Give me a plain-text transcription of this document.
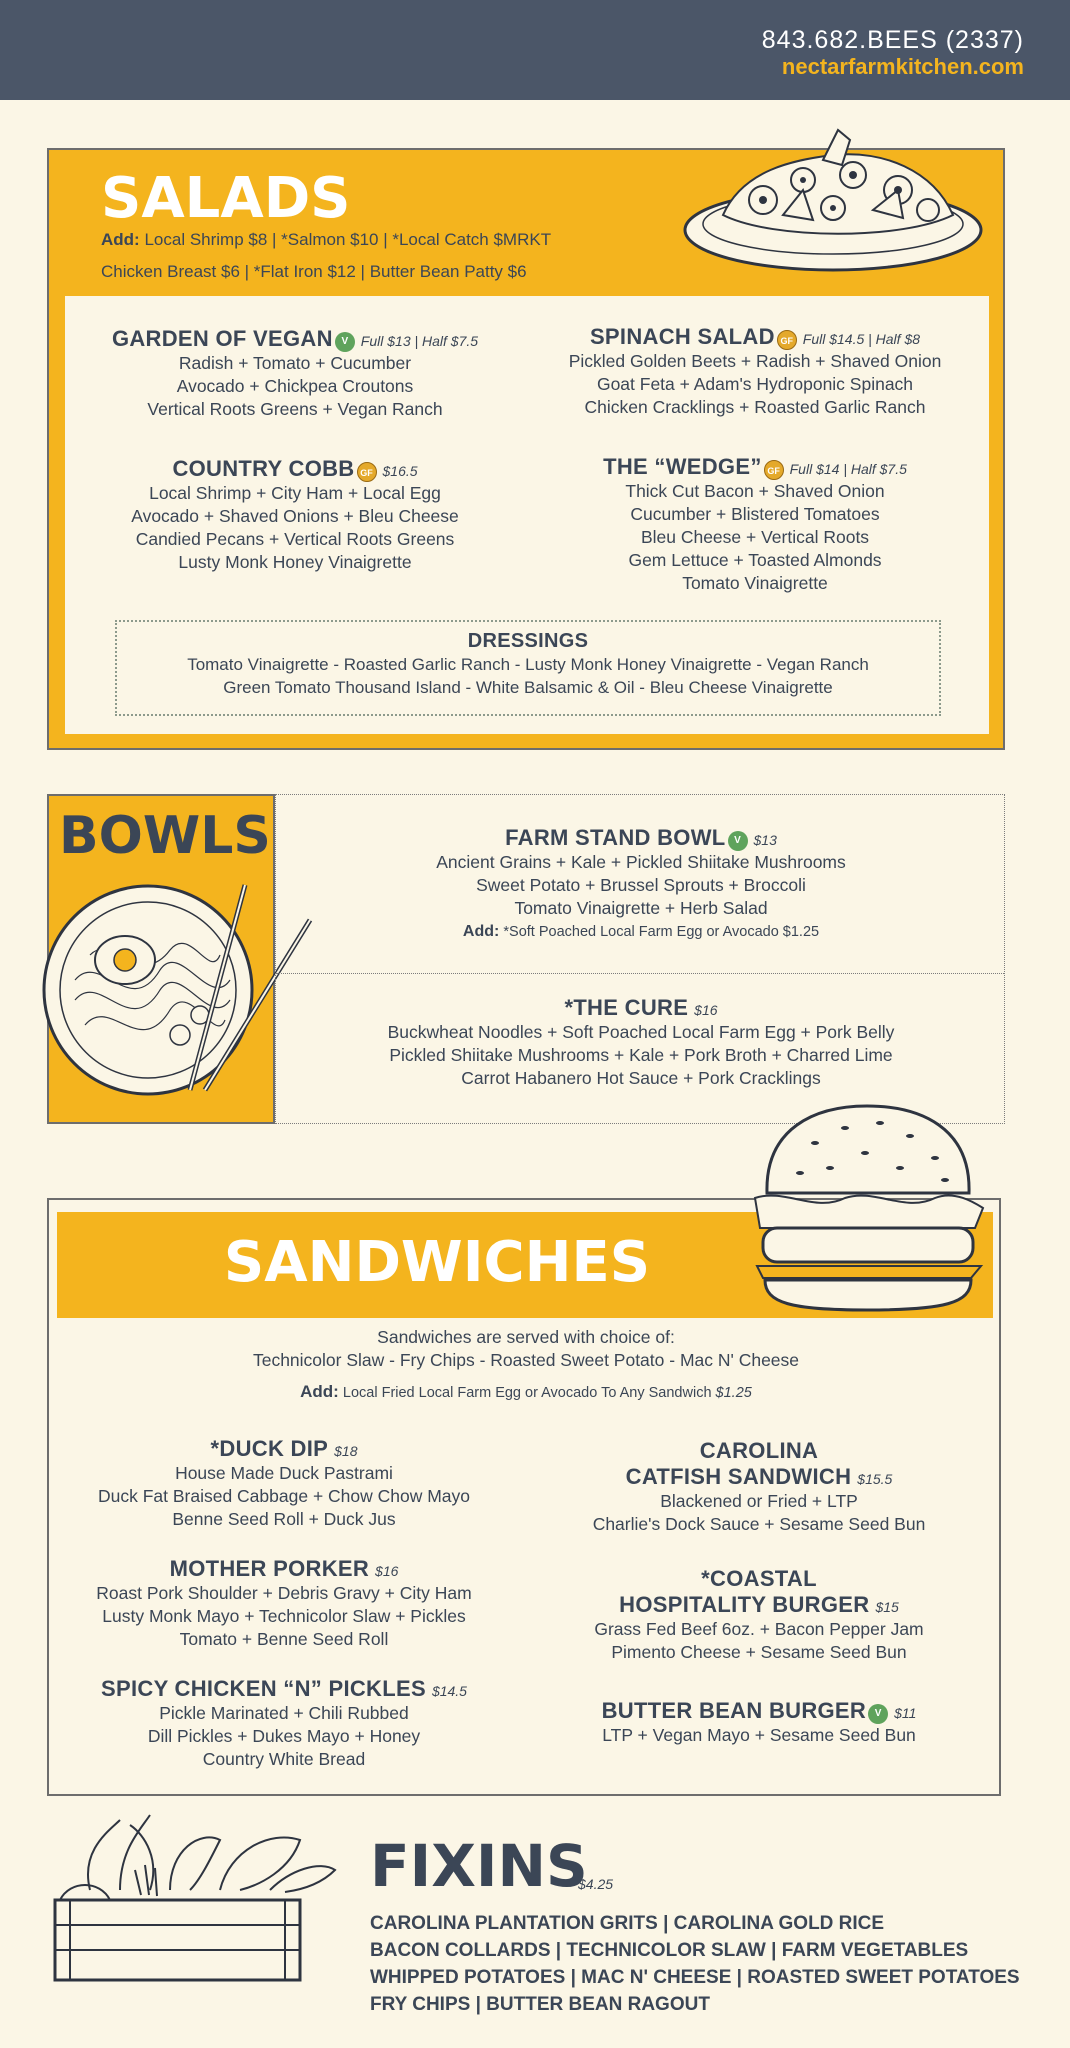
843.682.BEES (2337)
nectarfarmkitchen.com
SALADS
Add: Local Shrimp $8 | *Salmon $10 | *Local Catch $MRKT
Chicken Breast $6 | *Flat Iron $12 | Butter Bean Patty $6
GARDEN OF VEGAN V Full $13 | Half $7.5
Radish + Tomato + Cucumber
Avocado + Chickpea Croutons
Vertical Roots Greens + Vegan Ranch
SPINACH SALAD GF Full $14.5 | Half $8
Pickled Golden Beets + Radish + Shaved Onion
Goat Feta + Adam's Hydroponic Spinach
Chicken Cracklings + Roasted Garlic Ranch
COUNTRY COBB GF $16.5
Local Shrimp + City Ham + Local Egg
Avocado + Shaved Onions + Bleu Cheese
Candied Pecans + Vertical Roots Greens
Lusty Monk Honey Vinaigrette
THE “WEDGE” GF Full $14 | Half $7.5
Thick Cut Bacon + Shaved Onion
Cucumber + Blistered Tomatoes
Bleu Cheese + Vertical Roots
Gem Lettuce + Toasted Almonds
Tomato Vinaigrette
DRESSINGS
Tomato Vinaigrette - Roasted Garlic Ranch - Lusty Monk Honey Vinaigrette - Vegan Ranch
Green Tomato Thousand Island - White Balsamic & Oil - Bleu Cheese Vinaigrette
BOWLS	FARM STAND BOWL V $13
Ancient Grains + Kale + Pickled Shiitake Mushrooms
Sweet Potato + Brussel Sprouts + Broccoli
Tomato Vinaigrette + Herb Salad
Add: *Soft Poached Local Farm Egg or Avocado $1.25
*THE CURE $16
Buckwheat Noodles + Soft Poached Local Farm Egg + Pork Belly
Pickled Shiitake Mushrooms + Kale + Pork Broth + Charred Lime
Carrot Habanero Hot Sauce + Pork Cracklings
SANDWICHES
Sandwiches are served with choice of:
Technicolor Slaw - Fry Chips - Roasted Sweet Potato - Mac N' Cheese
Add: Local Fried Local Farm Egg or Avocado To Any Sandwich $1.25
*DUCK DIP $18
House Made Duck Pastrami
Duck Fat Braised Cabbage + Chow Chow Mayo
Benne Seed Roll + Duck Jus
MOTHER PORKER $16
Roast Pork Shoulder + Debris Gravy + City Ham
Lusty Monk Mayo + Technicolor Slaw + Pickles
Tomato + Benne Seed Roll
SPICY CHICKEN “N” PICKLES $14.5
Pickle Marinated + Chili Rubbed
Dill Pickles + Dukes Mayo + Honey
Country White Bread
CAROLINA
CATFISH SANDWICH $15.5
Blackened or Fried + LTP
Charlie's Dock Sauce + Sesame Seed Bun
*COASTAL
HOSPITALITY BURGER $15
Grass Fed Beef 6oz. + Bacon Pepper Jam
Pimento Cheese + Sesame Seed Bun
BUTTER BEAN BURGER V $11
LTP + Vegan Mayo + Sesame Seed Bun
FIXINS
$4.25
CAROLINA PLANTATION GRITS | CAROLINA GOLD RICE
BACON COLLARDS | TECHNICOLOR SLAW | FARM VEGETABLES
WHIPPED POTATOES | MAC N' CHEESE | ROASTED SWEET POTATOES
FRY CHIPS | BUTTER BEAN RAGOUT
